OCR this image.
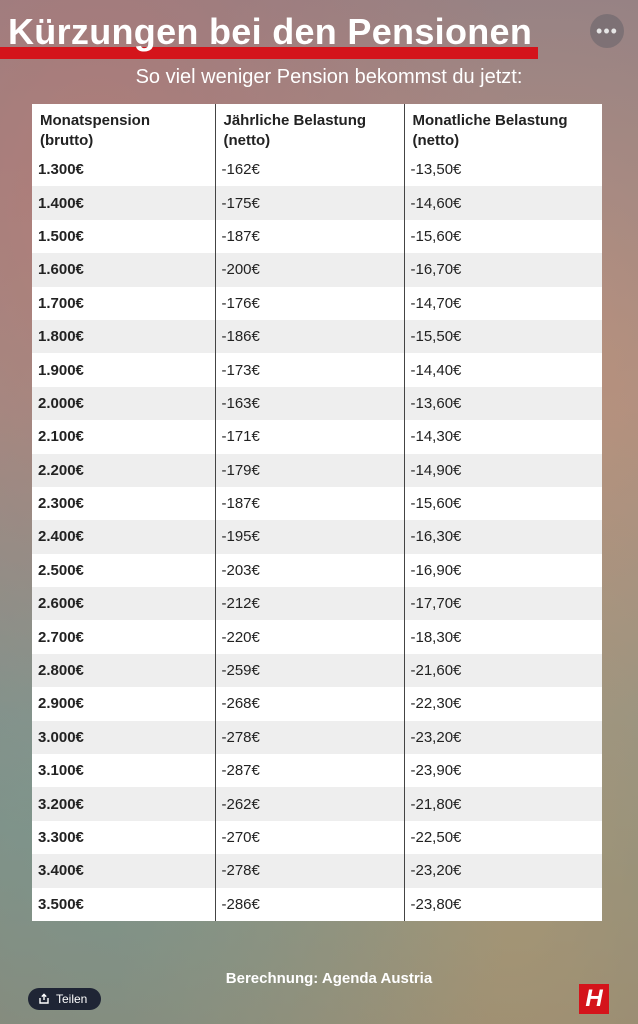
Kürzungen bei den Pensionen	•••

So viel weniger Pension bekommst du jetzt:

Monatspension (brutto)	Jährliche Belastung (netto)	Monatliche Belastung (netto)
1.300€	-162€	-13,50€
1.400€	-175€	-14,60€
1.500€	-187€	-15,60€
1.600€	-200€	-16,70€
1.700€	-176€	-14,70€
1.800€	-186€	-15,50€
1.900€	-173€	-14,40€
2.000€	-163€	-13,60€
2.100€	-171€	-14,30€
2.200€	-179€	-14,90€
2.300€	-187€	-15,60€
2.400€	-195€	-16,30€
2.500€	-203€	-16,90€
2.600€	-212€	-17,70€
2.700€	-220€	-18,30€
2.800€	-259€	-21,60€
2.900€	-268€	-22,30€
3.000€	-278€	-23,20€
3.100€	-287€	-23,90€
3.200€	-262€	-21,80€
3.300€	-270€	-22,50€
3.400€	-278€	-23,20€
3.500€	-286€	-23,80€
Berechnung: Agenda Austria
Teilen	H
